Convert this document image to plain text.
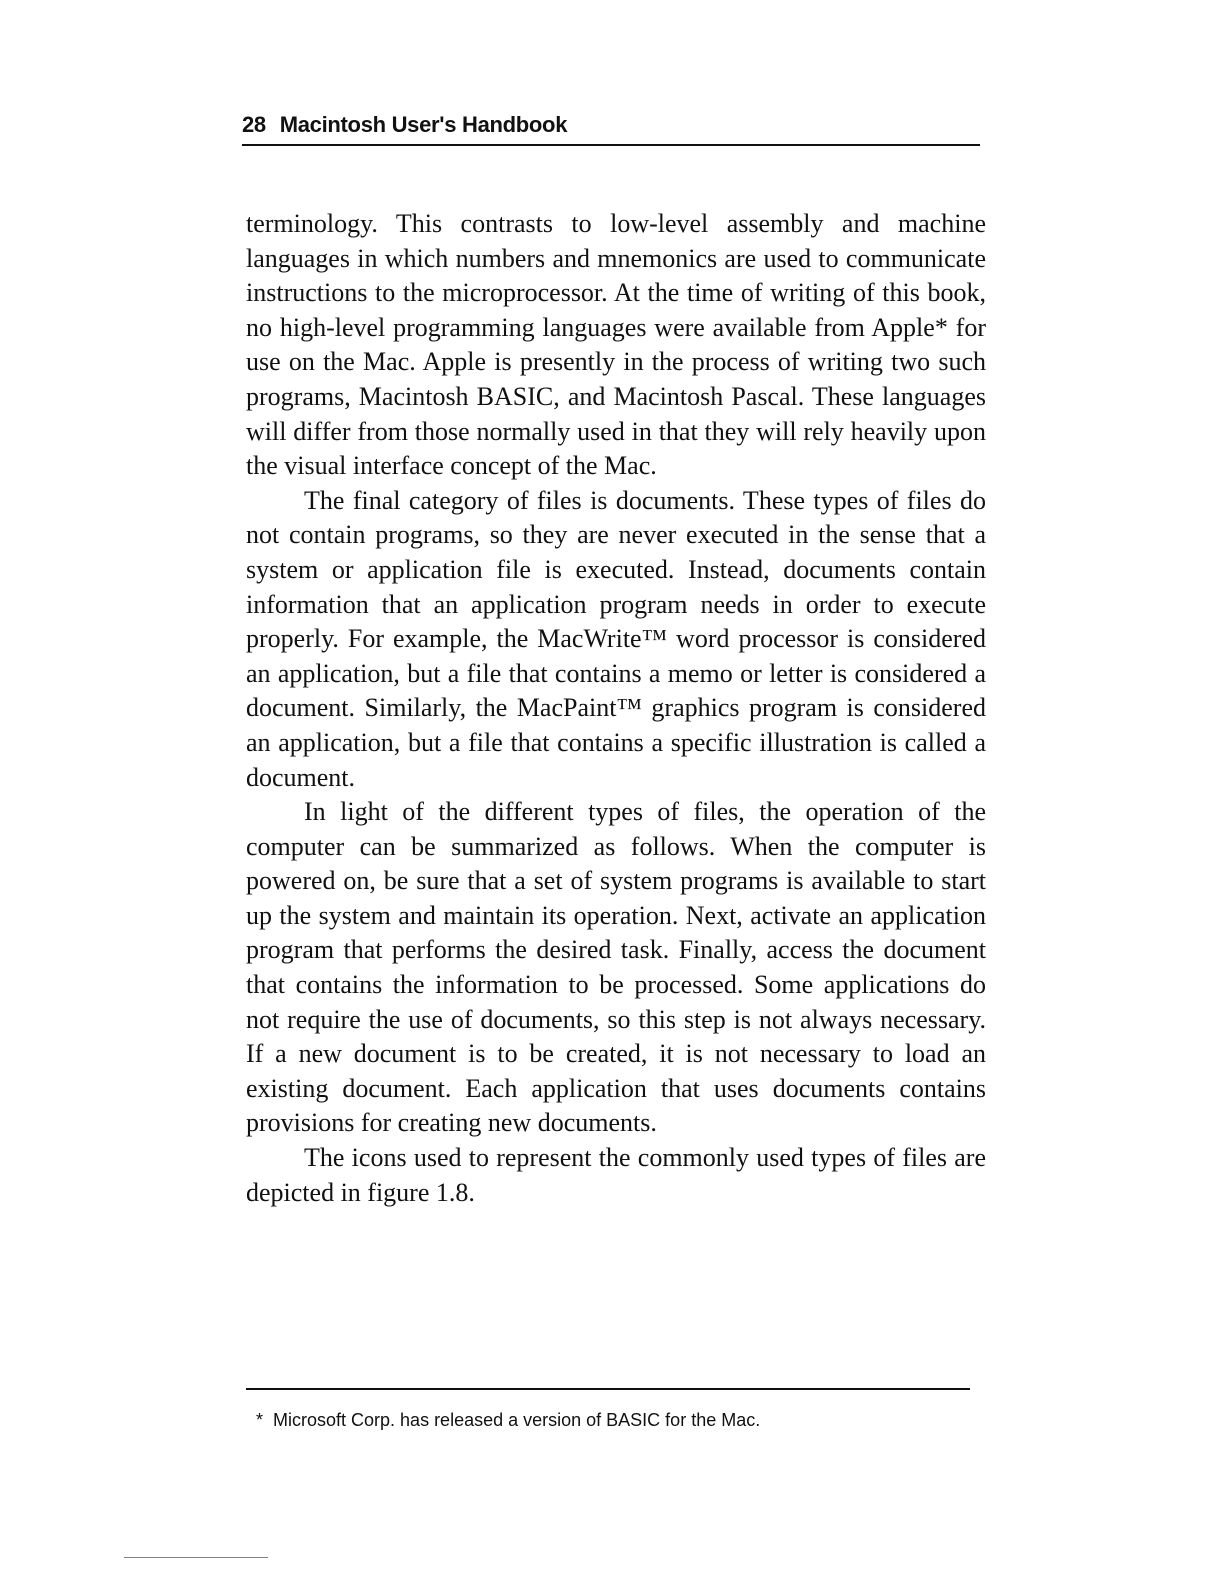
28 Macintosh User's Handbook

terminology. This contrasts to low-level assembly and machine languages in which numbers and mnemonics are used to communicate instructions to the microprocessor. At the time of writing of this book, no high-level programming languages were available from Apple* for use on the Mac. Apple is presently in the process of writing two such programs, Macintosh BASIC, and Macintosh Pascal. These languages will differ from those normally used in that they will rely heavily upon the visual interface concept of the Mac.

The final category of files is documents. These types of files do not contain programs, so they are never executed in the sense that a system or application file is executed. Instead, documents contain information that an application program needs in order to execute properly. For example, the MacWrite™ word processor is considered an application, but a file that contains a memo or letter is considered a document. Similarly, the MacPaint™ graphics program is considered an application, but a file that contains a specific illustration is called a document.

In light of the different types of files, the operation of the computer can be summarized as follows. When the computer is powered on, be sure that a set of system programs is available to start up the system and maintain its operation. Next, activate an application program that performs the desired task. Finally, access the document that contains the information to be processed. Some applications do not require the use of documents, so this step is not always necessary. If a new document is to be created, it is not necessary to load an existing document. Each application that uses documents contains provisions for creating new documents.

The icons used to represent the commonly used types of files are depicted in figure 1.8.

* Microsoft Corp. has released a version of BASIC for the Mac.
